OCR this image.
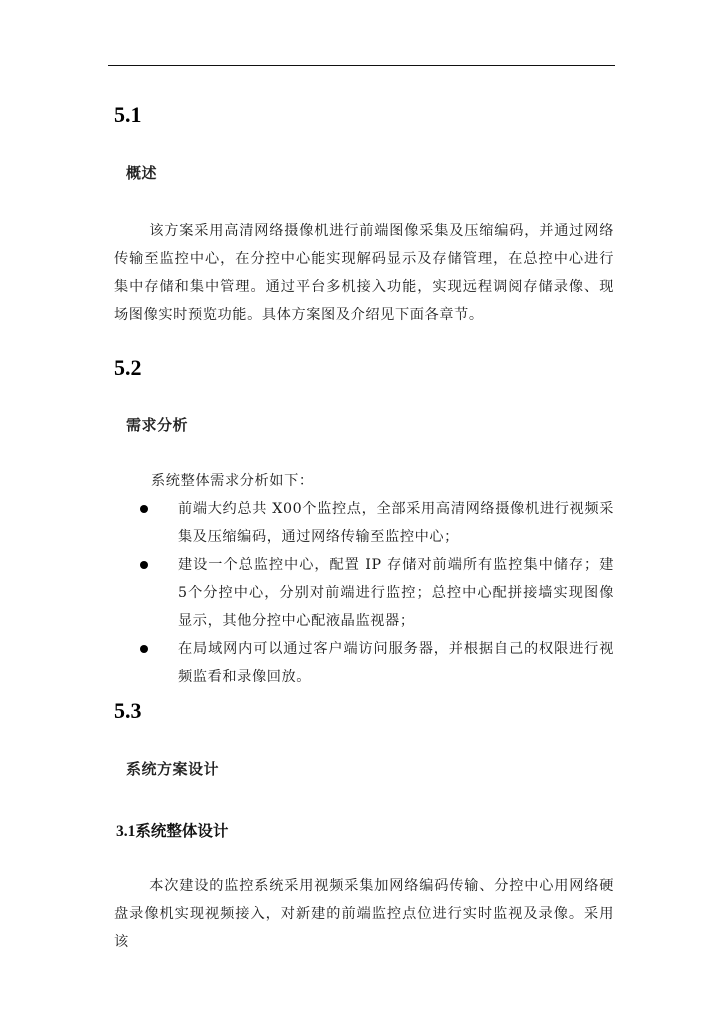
5.1
概述
该方案采用高清网络摄像机进行前端图像采集及压缩编码，并通过网络传输至监控中心，在分控中心能实现解码显示及存储管理，在总控中心进行集中存储和集中管理。通过平台多机接入功能，实现远程调阅存储录像、现场图像实时预览功能。具体方案图及介绍见下面各章节。
5.2
需求分析
系统整体需求分析如下：
前端大约总共 X00个监控点，全部采用高清网络摄像机进行视频采集及压缩编码，通过网络传输至监控中心；
建设一个总监控中心，配置 IP 存储对前端所有监控集中储存；建 5个分控中心，分别对前端进行监控；总控中心配拼接墙实现图像显示，其他分控中心配液晶监视器；
在局域网内可以通过客户端访问服务器，并根据自己的权限进行视频监看和录像回放。
5.3
系统方案设计
3.1系统整体设计
本次建设的监控系统采用视频采集加网络编码传输、分控中心用网络硬盘录像机实现视频接入，对新建的前端监控点位进行实时监视及录像。采用该
